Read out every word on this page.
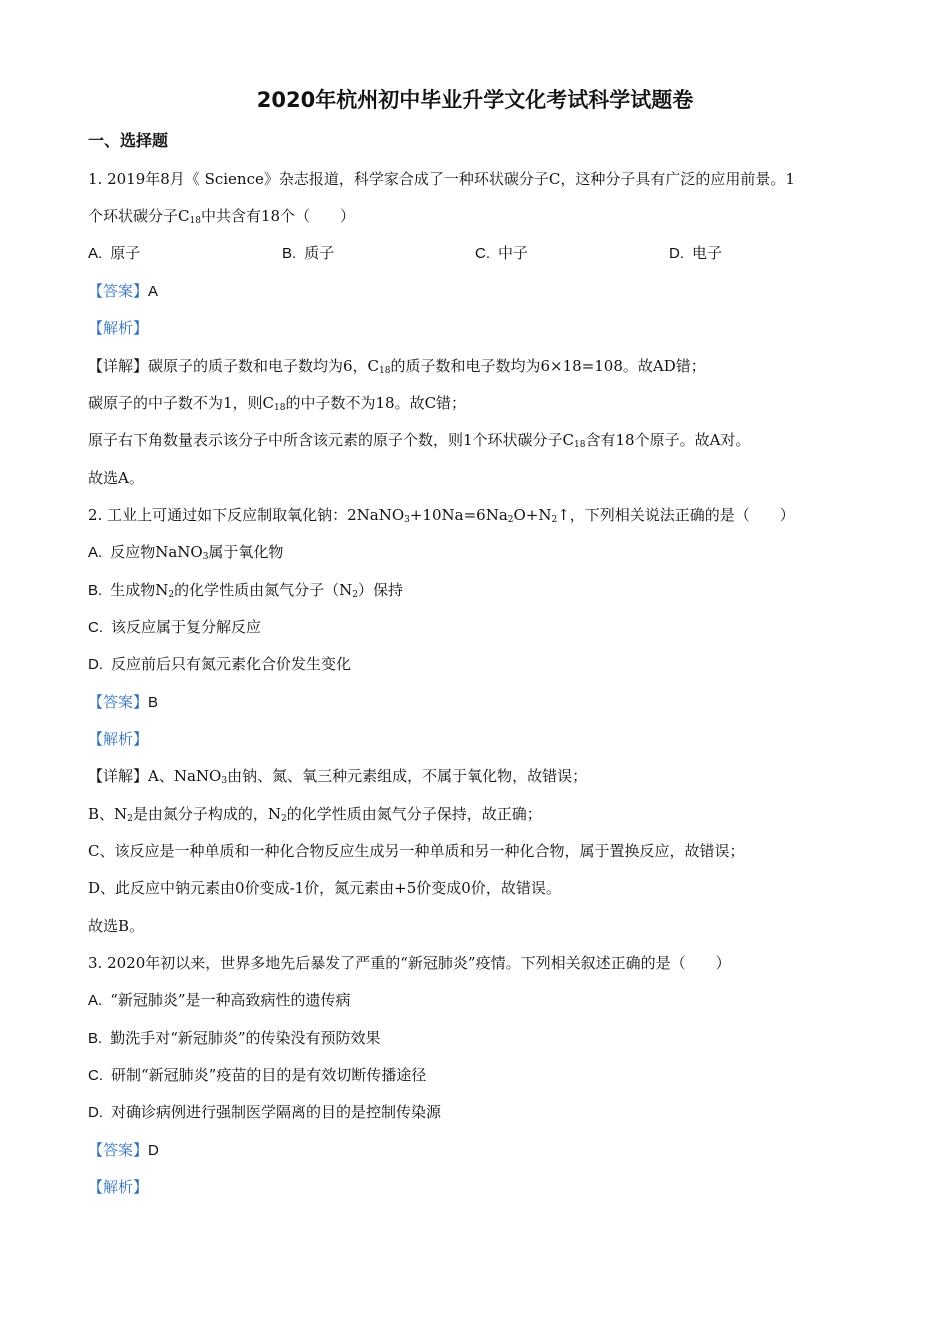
2020年杭州初中毕业升学文化考试科学试题卷
一、选择题
1. 2019年8月《 Science》杂志报道，科学家合成了一种环状碳分子C，这种分子具有广泛的应用前景。1
个环状碳分子$C_{18}$中共含有18个（　　）
A. 原子	B. 质子	C. 中子	D. 电子
【答案】A
【解析】
【详解】碳原子的质子数和电子数均为6，$C_{18}$的质子数和电子数均为6×18=108。故AD错；
碳原子的中子数不为1，则$C_{18}$的中子数不为18。故C错；
原子右下角数量表示该分子中所含该元素的原子个数，则1个环状碳分子$C_{18}$含有18个原子。故A对。
故选A。
2. 工业上可通过如下反应制取氧化钠：$2NaNO_3+10Na=6Na_2O+N_2↑$，下列相关说法正确的是（　　）
A. 反应物NaNO$_3$属于氧化物
B. 生成物$N_2$的化学性质由氮气分子$(N_2)$保持
C. 该反应属于复分解反应
D. 反应前后只有氮元素化合价发生变化
【答案】B
【解析】
【详解】A、NaNO$_3$由钠、氮、氧三种元素组成，不属于氧化物，故错误；
B、$N_2$是由氮分子构成的，$N_2$的化学性质由氮气分子保持，故正确；
C、该反应是一种单质和一种化合物反应生成另一种单质和另一种化合物，属于置换反应，故错误；
D、此反应中钠元素由0价变成-1价，氮元素由+5价变成0价，故错误。
故选B。
3. 2020年初以来，世界多地先后暴发了严重的“新冠肺炎”疫情。下列相关叙述正确的是（　　）
A. “新冠肺炎”是一种高致病性的遗传病
B. 勤洗手对“新冠肺炎”的传染没有预防效果
C. 研制“新冠肺炎”疫苗的目的是有效切断传播途径
D. 对确诊病例进行强制医学隔离的目的是控制传染源
【答案】D
【解析】
